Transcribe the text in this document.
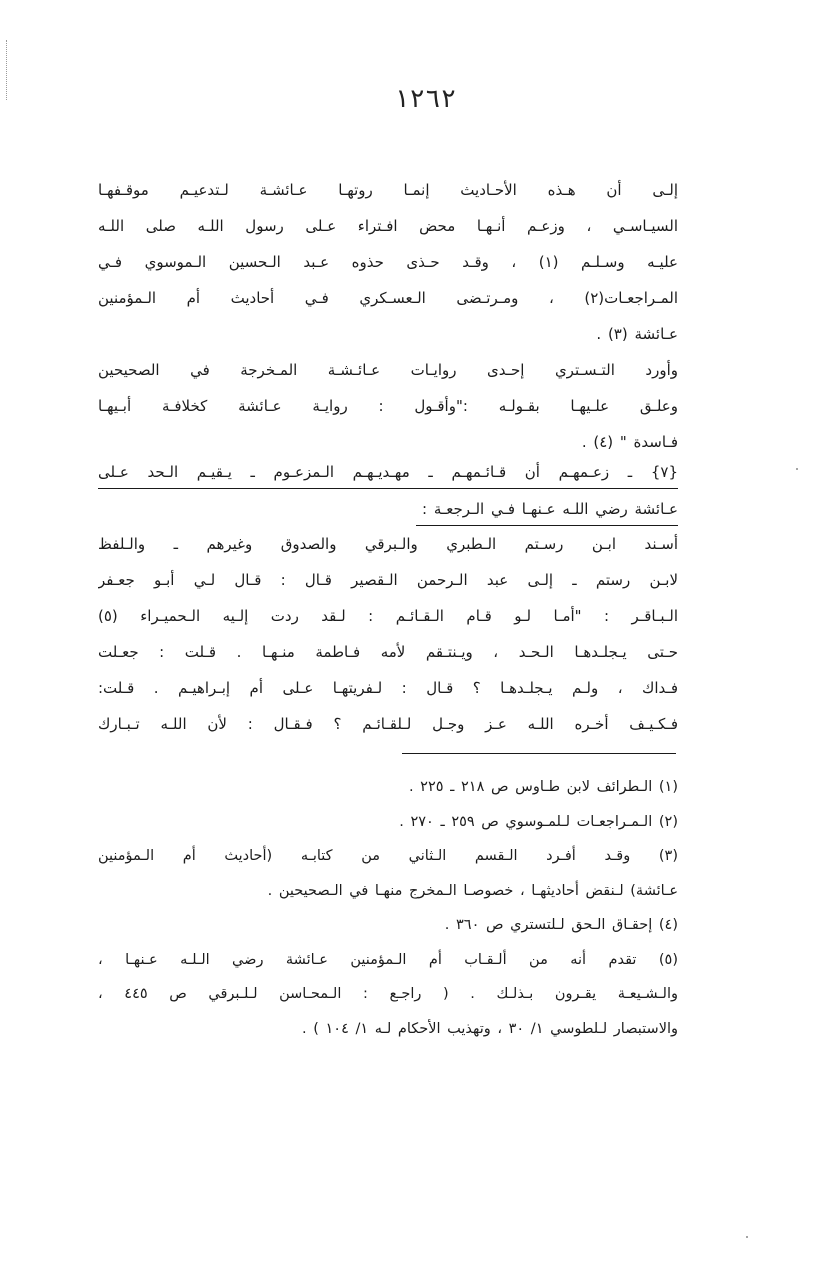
١٢٦٢
إلـى أن هـذه الأحـاديث إنمـا روتهـا عـائشـة لـتدعيـم موقـفهـا
السيـاسـي ، وزعـم أنـهـا محض افـتراء عـلى رسول اللـه صلى اللـه
عليـه وسـلـم (١) ، وقـد حـذى حذوه عـبد الـحسين الـموسوي فـي
المـراجعـات(٢) ، ومـرتـضى الـعسـكري فـي أحاديث أم الـمؤمنين
عـائشة (٣) .
وأورد التـسـتري إحـدى روايـات عـائـشـة المـخرجة في الصحيحين
وعلـق علـيهـا بقـولـه :"وأقـول : روايـة عـائشة كخلافـة أبـيهـا
فـاسدة " (٤) .
{٧} ـ زعـمهـم أن قـائـمهـم ـ مهـديـهـم الـمزعـوم ـ يـقيـم الـحد عـلى
عـائشة رضي اللـه عـنهـا فـي الـرجعـة :
أسـند ابـن رسـتم الـطبري والـبرقي والصدوق وغيرهم ـ والـلفظ
لابـن رستم ـ إلـى عبد الـرحمن الـقصير قـال : قـال لـي أبـو جعـفر
الـبـاقـر : "أمـا لـو قـام الـقـائـم : لـقد ردت إلـيه الـحميـراء (٥)
حـتى يـجلـدهـا الـحـد ، ويـنتـقم لأمه فـاطمة منـهـا . قـلت : جعـلت
فـداك ، ولـم يـجلـدهـا ؟ قـال : لـفريتهـا عـلى أم إبـراهيـم . قـلت:
فـكـيـف أخـره اللـه عـز وجـل لـلقـائـم ؟ فـقـال : لأن اللـه تـبـارك
(١) الـطرائف لابن طـاوس ص ٢١٨ ـ ٢٢٥ .
(٢) الـمـراجعـات لـلمـوسوي ص ٢٥٩ ـ ٢٧٠ .
(٣) وقـد أفـرد الـقسم الـثاني من كتابـه (أحاديث أم الـمؤمنين
عـائشة) لـنقض أحاديثهـا ، خصوصـا الـمخرج منهـا في الـصحيحين .
(٤) إحقـاق الـحق لـلتستري ص ٣٦٠ .
(٥) تقدم أنه من ألـقـاب أم الـمؤمنين عـائشة رضي الـلـه عـنهـا ،
والـشـيعـة يقـرون بـذلـك . ( راجـع : الـمحـاسن لـلـبرقي ص ٤٤٥ ،
والاستبصار لـلطوسي ١/ ٣٠ ، وتهذيب الأحكام لـه ١/ ١٠٤ ) .
